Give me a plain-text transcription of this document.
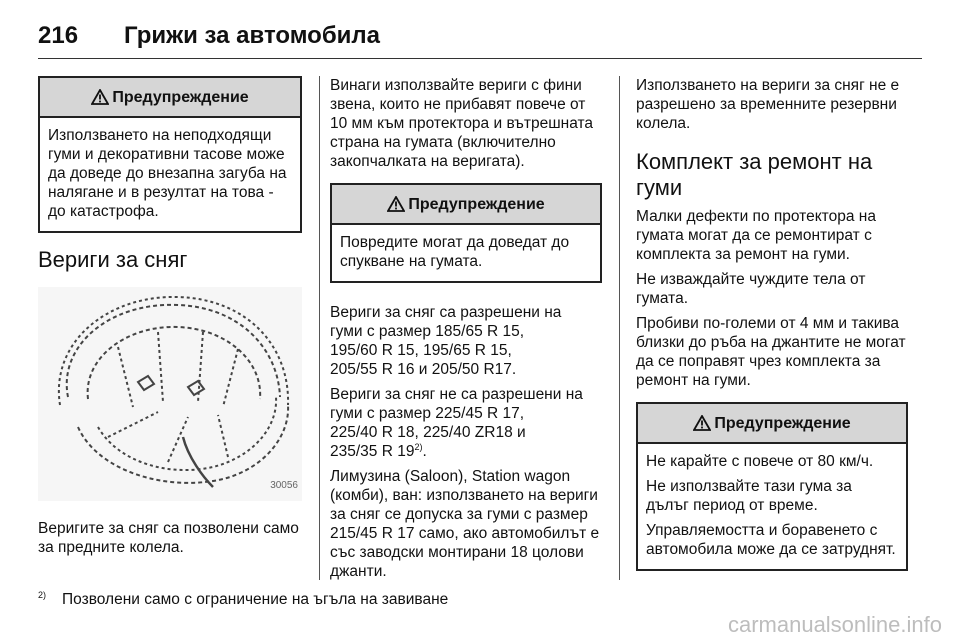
216 Грижи за автомобила
Предупреждение

Използването на неподходящи гуми и декоративни тасове може да доведе до внезапна загуба на налягане и в резултат на това - до катастрофа.

Вериги за сняг
30056

Веригите за сняг са позволени само за предните колела.

Винаги използвайте вериги с фини звена, които не прибавят повече от 10 мм към протектора и вътрешната страна на гумата (включително закопчалката на веригата).

Предупреждение

Повредите могат да доведат до спукване на гумата.

Вериги за сняг са разрешени на
гуми с размер 185/65 R 15,
195/60 R 15, 195/65 R 15,
205/55 R 16 и 205/50 R17.
Вериги за сняг не са разрешени на
гуми с размер 225/45 R 17,
225/40 R 18, 225/40 ZR18 и
235/35 R 19$^{2)}$.

Лимузина (Saloon), Station wagon (комби), ван: използването на вериги за сняг се допуска за гуми с размер 215/45 R 17 само, ако автомобилът е със заводски монтирани 18 цолови джанти.

Използването на вериги за сняг не е разрешено за временните резервни колела.

Комплект за ремонт на гуми

Малки дефекти по протектора на гумата могат да се ремонтират с комплекта за ремонт на гуми.

Не изваждайте чуждите тела от гумата.

Пробиви по-големи от 4 мм и такива близки до ръба на джантите не могат да се поправят чрез комплекта за ремонт на гуми.

Предупреждение

Не карайте с повече от 80 км/ч.

Не използвайте тази гума за дълъг период от време.

Управляемостта и боравенето с автомобила може да се затруднят.

$^{2)}$ Позволени само с ограничение на ъгъла на завиване
carmanualsonline.info
